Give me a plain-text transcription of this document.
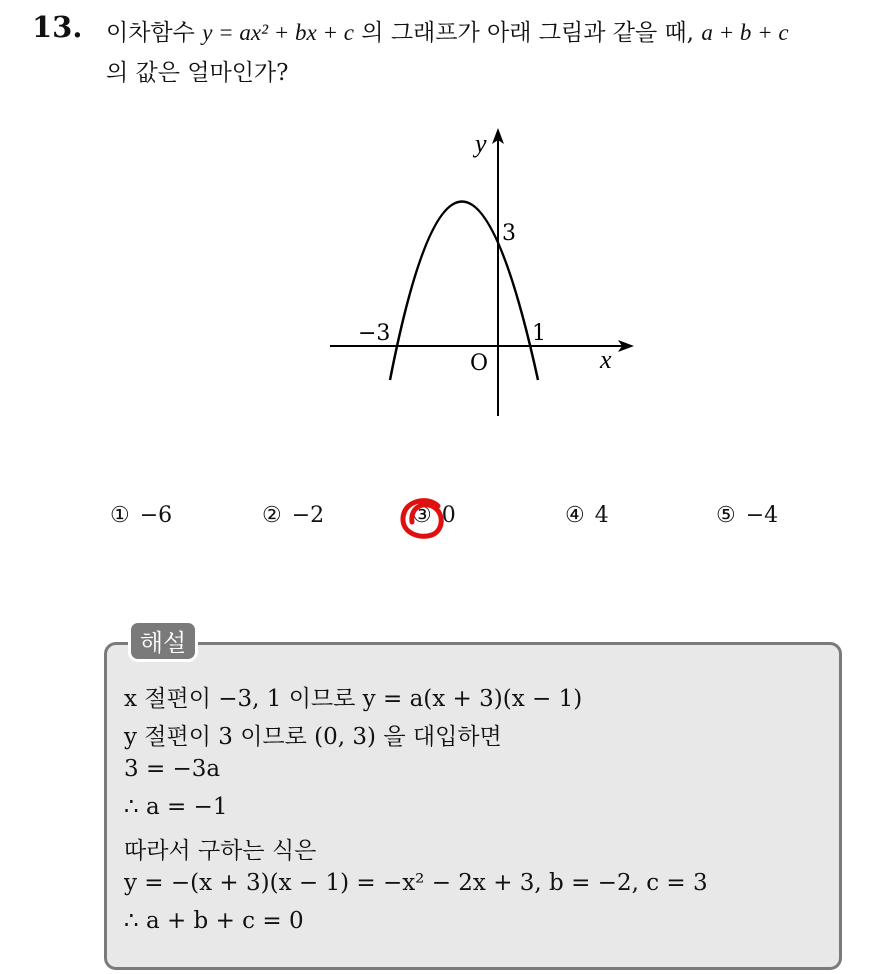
13. 이차함수 y = ax² + bx + c 의 그래프가 아래 그림과 같을 때, a + b + c
의 값은 얼마인가?
y
x
O
3
−3	1
① −6	② −2	③ 0	④ 4	⑤ −4
해설
x 절편이 −3, 1 이므로 y = a(x + 3)(x − 1)
y 절편이 3 이므로 (0, 3) 을 대입하면
3 = −3a
∴ a = −1
따라서 구하는 식은
y = −(x + 3)(x − 1) = −x² − 2x + 3, b = −2, c = 3
∴ a + b + c = 0
